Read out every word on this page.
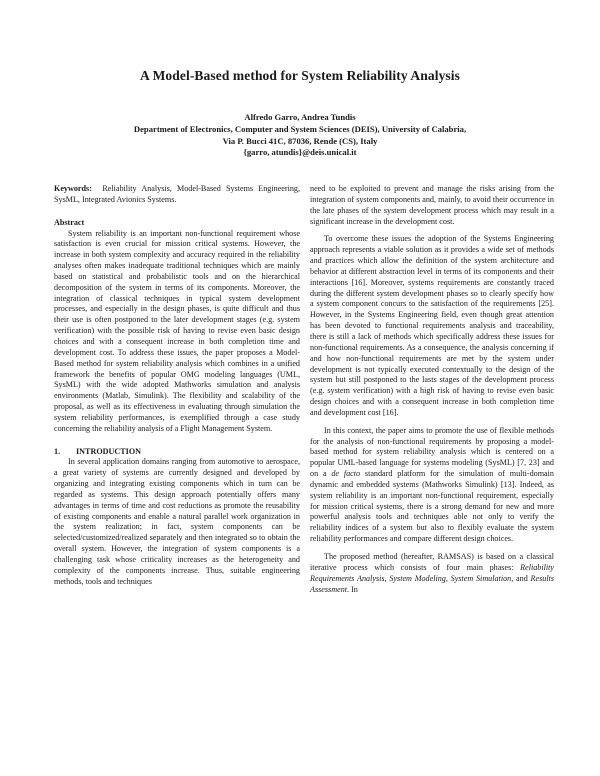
A Model-Based method for System Reliability Analysis
Alfredo Garro, Andrea Tundis
Department of Electronics, Computer and System Sciences (DEIS), University of Calabria,
Via P. Bucci 41C, 87036, Rende (CS), Italy
{garro, atundis}@deis.unical.it

Keywords: Reliability Analysis, Model-Based Systems Engineering, SysML, Integrated Avionics Systems.

Abstract

System reliability is an important non-functional requirement whose satisfaction is even crucial for mission critical systems. However, the increase in both system complexity and accuracy required in the reliability analyses often makes inadequate traditional techniques which are mainly based on statistical and probabilistic tools and on the hierarchical decomposition of the system in terms of its components. Moreover, the integration of classical techniques in typical system development processes, and especially in the design phases, is quite difficult and thus their use is often postponed to the later development stages (e.g. system verification) with the possible risk of having to revise even basic design choices and with a consequent increase in both completion time and development cost. To address these issues, the paper proposes a Model-Based method for system reliability analysis which combines in a unified framework the benefits of popular OMG modeling languages (UML, SysML) with the wide adopted Mathworks simulation and analysis environments (Matlab, Simulink). The flexibility and scalability of the proposal, as well as its effectiveness in evaluating through simulation the system reliability performances, is exemplified through a case study concerning the reliability analysis of a Flight Management System.

1. INTRODUCTION

In several application domains ranging from automotive to aerospace, a great variety of systems are currently designed and developed by organizing and integrating existing components which in turn can be regarded as systems. This design approach potentially offers many advantages in terms of time and cost reductions as promote the reusability of existing components and enable a natural parallel work organization in the system realization; in fact, system components can be selected/customized/realized separately and then integrated so to obtain the overall system. However, the integration of system components is a challenging task whose criticality increases as the heterogeneity and complexity of the components increase. Thus, suitable engineering methods, tools and techniques

need to be exploited to prevent and manage the risks arising from the integration of system components and, mainly, to avoid their occurrence in the late phases of the system development process which may result in a significant increase in the development cost.

To overcome these issues the adoption of the Systems Engineering approach represents a viable solution as it provides a wide set of methods and practices which allow the definition of the system architecture and behavior at different abstraction level in terms of its components and their interactions [16]. Moreover, systems requirements are constantly traced during the different system development phases so to clearly specify how a system component concurs to the satisfaction of the requirements [25]. However, in the Systems Engineering field, even though great attention has been devoted to functional requirements analysis and traceability, there is still a lack of methods which specifically address these issues for non-functional requirements. As a consequence, the analysis concerning if and how non-functional requirements are met by the system under development is not typically executed contextually to the design of the system but still postponed to the lasts stages of the development process (e.g. system verification) with a high risk of having to revise even basic design choices and with a consequent increase in both completion time and development cost [16].

In this context, the paper aims to promote the use of flexible methods for the analysis of non-functional requirements by proposing a model-based method for system reliability analysis which is centered on a popular UML-based language for systems modeling (SysML) [7, 23] and on a de facto standard platform for the simulation of multi-domain dynamic and embedded systems (Mathworks Simulink) [13]. Indeed, as system reliability is an important non-functional requirement, especially for mission critical systems, there is a strong demand for new and more powerful analysis tools and techniques able not only to verify the reliability indices of a system but also to flexibly evaluate the system reliability performances and compare different design choices.

The proposed method (hereafter, RAMSAS) is based on a classical iterative process which consists of four main phases: Reliability Requirements Analysis, System Modeling, System Simulation, and Results Assessment. In
